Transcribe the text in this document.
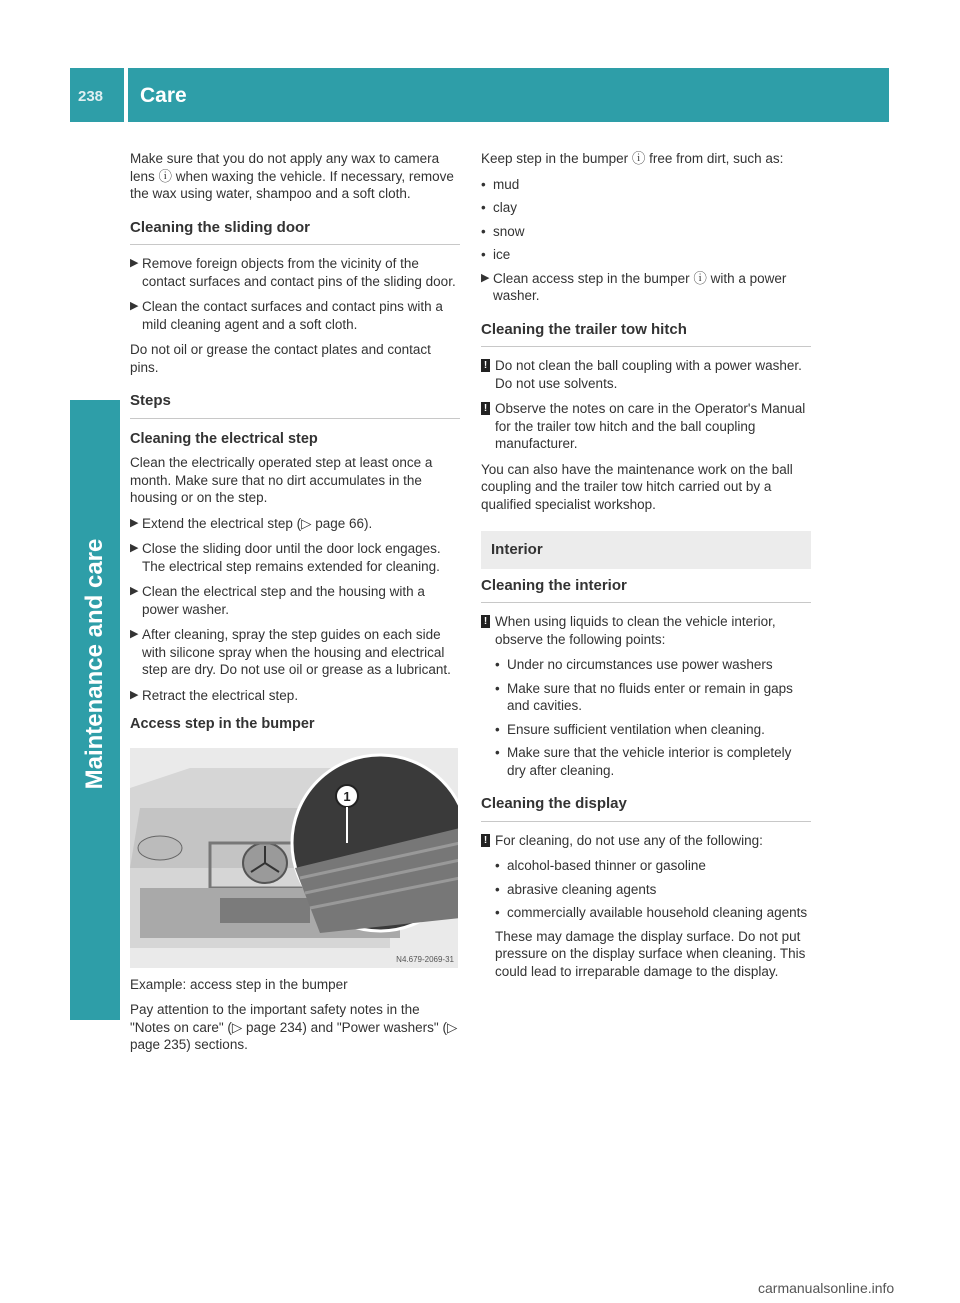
238 Care
Maintenance and care

Make sure that you do not apply any wax to camera lens ⓘ when waxing the vehicle. If necessary, remove the wax using water, shampoo and a soft cloth.

Cleaning the sliding door
▶ Remove foreign objects from the vicinity of the contact surfaces and contact pins of the sliding door.
▶ Clean the contact surfaces and contact pins with a mild cleaning agent and a soft cloth.

Do not oil or grease the contact plates and contact pins.

Steps
Cleaning the electrical step

Clean the electrically operated step at least once a month. Make sure that no dirt accumulates in the housing or on the step.

▶ Extend the electrical step (▷ page 66).
▶ Close the sliding door until the door lock engages. The electrical step remains extended for cleaning.
▶ Clean the electrical step and the housing with a power washer.
▶ After cleaning, spray the step guides on each side with silicone spray when the housing and electrical step are dry. Do not use oil or grease as a lubricant.
▶ Retract the electrical step.
Access step in the bumper
1
N4.679-2069-31

Example: access step in the bumper

Pay attention to the important safety notes in the "Notes on care" (▷ page 234) and "Power washers" (▷ page 235) sections.

Keep step in the bumper ⓘ free from dirt, such as:

• mud
• clay
• snow
• ice
▶ Clean access step in the bumper ⓘ with a power washer.
Cleaning the trailer tow hitch
! Do not clean the ball coupling with a power washer. Do not use solvents.
! Observe the notes on care in the Operator's Manual for the trailer tow hitch and the ball coupling manufacturer.

You can also have the maintenance work on the ball coupling and the trailer tow hitch carried out by a qualified specialist workshop.

Interior
Cleaning the interior
! When using liquids to clean the vehicle interior, observe the following points:
• Under no circumstances use power washers
• Make sure that no fluids enter or remain in gaps and cavities.
• Ensure sufficient ventilation when cleaning.
• Make sure that the vehicle interior is completely dry after cleaning.
Cleaning the display
! For cleaning, do not use any of the following:
• alcohol-based thinner or gasoline
• abrasive cleaning agents
• commercially available household cleaning agents

These may damage the display surface. Do not put pressure on the display surface when cleaning. This could lead to irreparable damage to the display.

carmanualsonline.info
